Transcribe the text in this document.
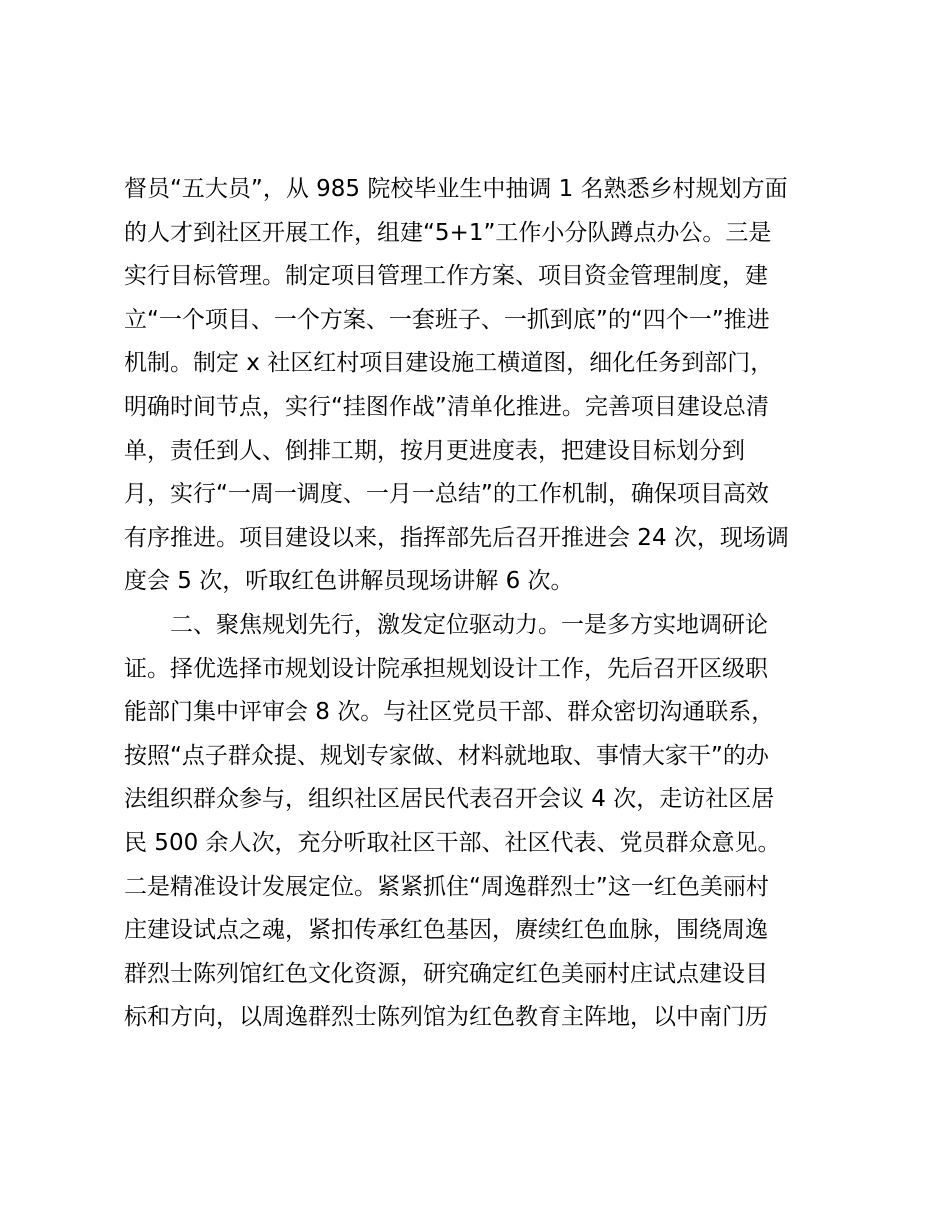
督员“五大员”，从 985 院校毕业生中抽调 1 名熟悉乡村规划方面
的人才到社区开展工作，组建“5+1”工作小分队蹲点办公。三是
实行目标管理。制定项目管理工作方案、项目资金管理制度，建
立“一个项目、一个方案、一套班子、一抓到底”的“四个一”推进
机制。制定 x 社区红村项目建设施工横道图，细化任务到部门，
明确时间节点，实行“挂图作战”清单化推进。完善项目建设总清
单，责任到人、倒排工期，按月更进度表，把建设目标划分到
月，实行“一周一调度、一月一总结”的工作机制，确保项目高效
有序推进。项目建设以来，指挥部先后召开推进会 24 次，现场调
度会 5 次，听取红色讲解员现场讲解 6 次。
二、聚焦规划先行，激发定位驱动力。一是多方实地调研论
证。择优选择市规划设计院承担规划设计工作，先后召开区级职
能部门集中评审会 8 次。与社区党员干部、群众密切沟通联系，
按照“点子群众提、规划专家做、材料就地取、事情大家干”的办
法组织群众参与，组织社区居民代表召开会议 4 次，走访社区居
民 500 余人次，充分听取社区干部、社区代表、党员群众意见。
二是精准设计发展定位。紧紧抓住“周逸群烈士”这一红色美丽村
庄建设试点之魂，紧扣传承红色基因，赓续红色血脉，围绕周逸
群烈士陈列馆红色文化资源，研究确定红色美丽村庄试点建设目
标和方向，以周逸群烈士陈列馆为红色教育主阵地，以中南门历
